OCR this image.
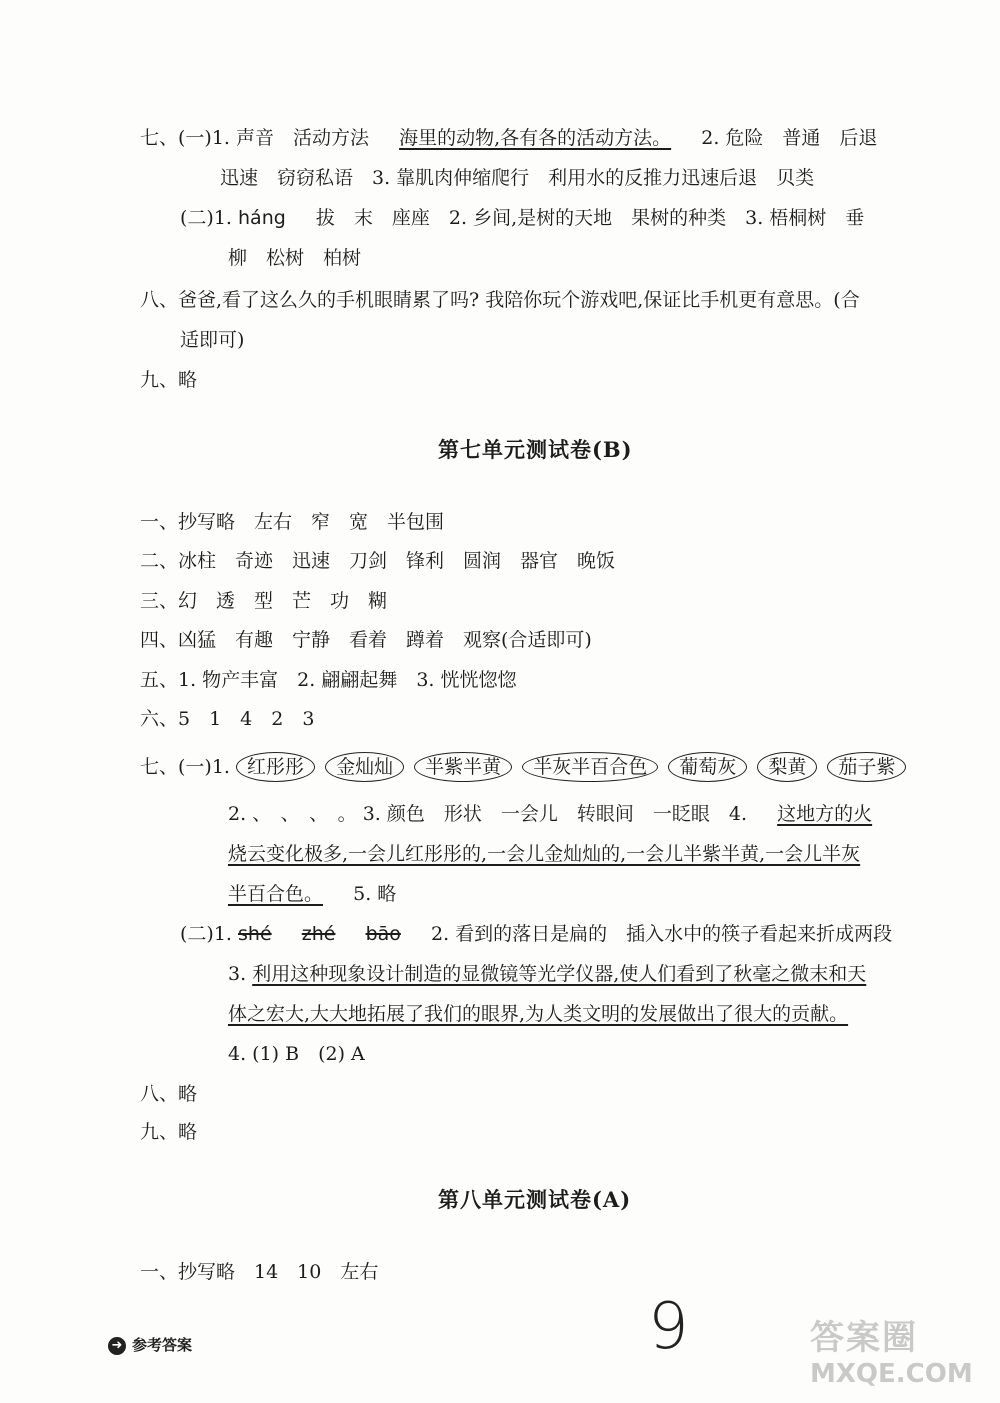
七、(一)1. 声音　活动方法 海里的动物,各有各的活动方法。 2. 危险　普通　后退
迅速　窃窃私语　3. 靠肌肉伸缩爬行　利用水的反推力迅速后退　贝类
(二)1. háng 拔　末　座座　2. 乡间,是树的天地　果树的种类　3. 梧桐树　垂
柳　松树　柏树
八、爸爸,看了这么久的手机眼睛累了吗? 我陪你玩个游戏吧,保证比手机更有意思。(合
适即可)
九、略
第七单元测试卷(B)
一、抄写略　左右　窄　宽　半包围
二、冰柱　奇迹　迅速　刀剑　锋利　圆润　器官　晚饭
三、幻　透　型　芒　功　糊
四、凶猛　有趣　宁静　看着　蹲着　观察(合适即可)
五、1. 物产丰富　2. 翩翩起舞　3. 恍恍惚惚
六、5　1　4　2　3
七、(一)1. 红彤彤 金灿灿 半紫半黄 半灰半百合色 葡萄灰 梨黄 茄子紫
2. 、　、　、　。 3. 颜色　形状　一会儿　转眼间　一眨眼　4. 这地方的火
烧云变化极多,一会儿红彤彤的,一会儿金灿灿的,一会儿半紫半黄,一会儿半灰
半百合色。 5. 略
(二)1. shé zhé bāo 2. 看到的落日是扁的　插入水中的筷子看起来折成两段
3. 利用这种现象设计制造的显微镜等光学仪器,使人们看到了秋毫之微末和天
体之宏大,大大地拓展了我们的眼界,为人类文明的发展做出了很大的贡献。
4. (1) B　(2) A
八、略
九、略
第八单元测试卷(A)
一、抄写略　14　10　左右
➜ 参考答案	9	答案圈
MXQE.COM
